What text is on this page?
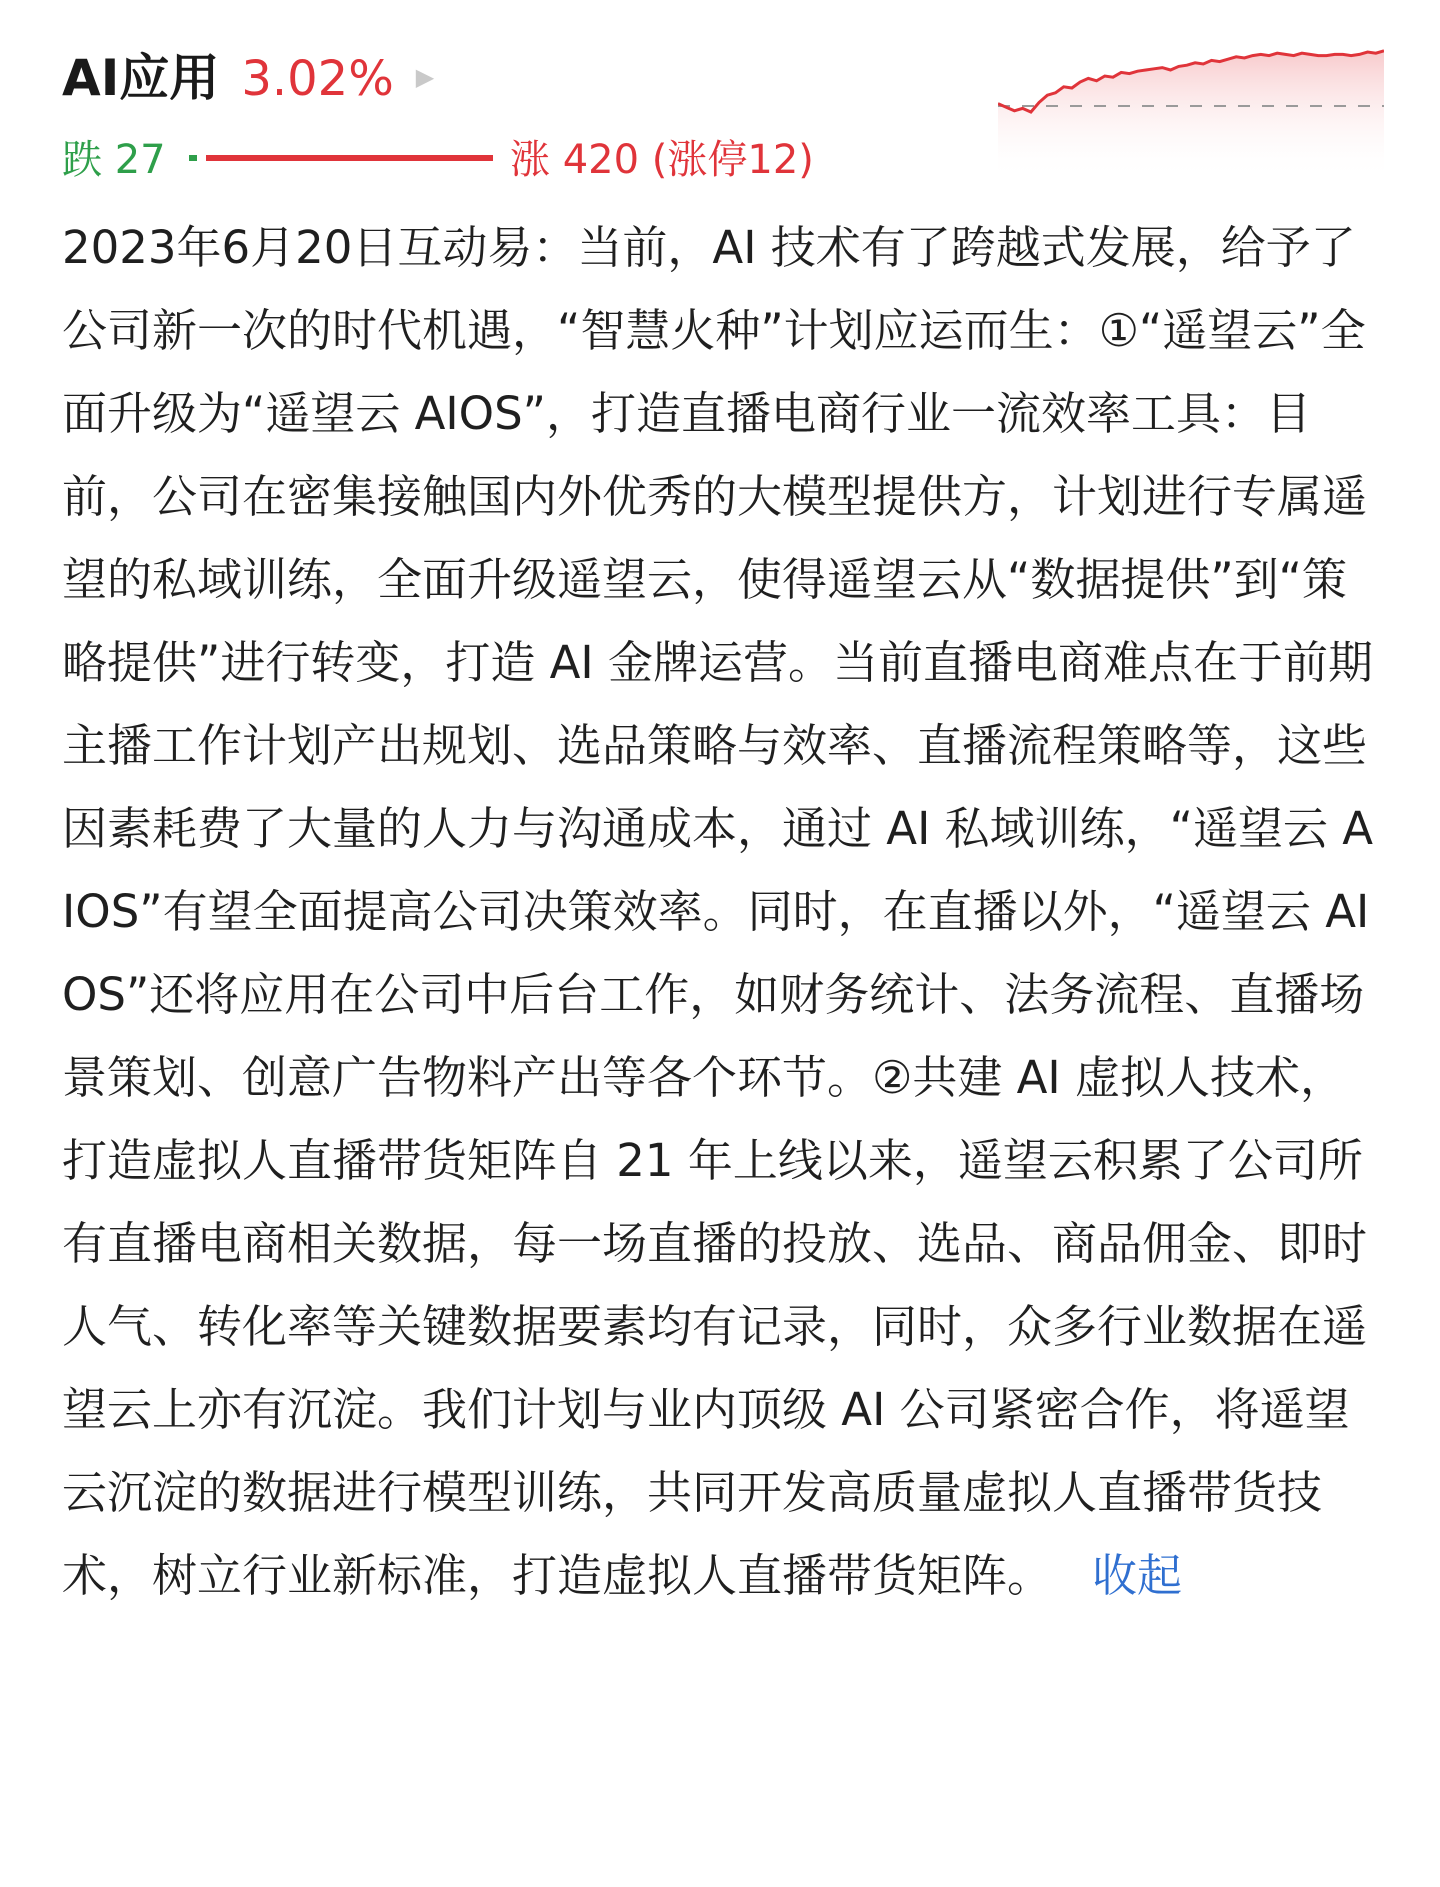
AI应用 3.02% ▶
跌 27	涨 420 (涨停12)
2023年6月20日互动易：当前，AI 技术有了跨越式发展，给予了公司新一次的时代机遇，“智慧火种”计划应运而生：①“遥望云”全面升级为“遥望云 AIOS”，打造直播电商行业一流效率工具：目前，公司在密集接触国内外优秀的大模型提供方，计划进行专属遥望的私域训练，全面升级遥望云，使得遥望云从“数据提供”到“策略提供”进行转变，打造 AI 金牌运营。当前直播电商难点在于前期主播工作计划产出规划、选品策略与效率、直播流程策略等，这些因素耗费了大量的人力与沟通成本，通过 AI 私域训练，“遥望云 AIOS”有望全面提高公司决策效率。同时，在直播以外，“遥望云 AIOS”还将应用在公司中后台工作，如财务统计、法务流程、直播场景策划、创意广告物料产出等各个环节。②共建 AI 虚拟人技术，打造虚拟人直播带货矩阵自 21 年上线以来，遥望云积累了公司所有直播电商相关数据，每一场直播的投放、选品、商品佣金、即时人气、转化率等关键数据要素均有记录，同时，众多行业数据在遥望云上亦有沉淀。我们计划与业内顶级 AI 公司紧密合作，将遥望云沉淀的数据进行模型训练，共同开发高质量虚拟人直播带货技术，树立行业新标准，打造虚拟人直播带货矩阵。 收起
